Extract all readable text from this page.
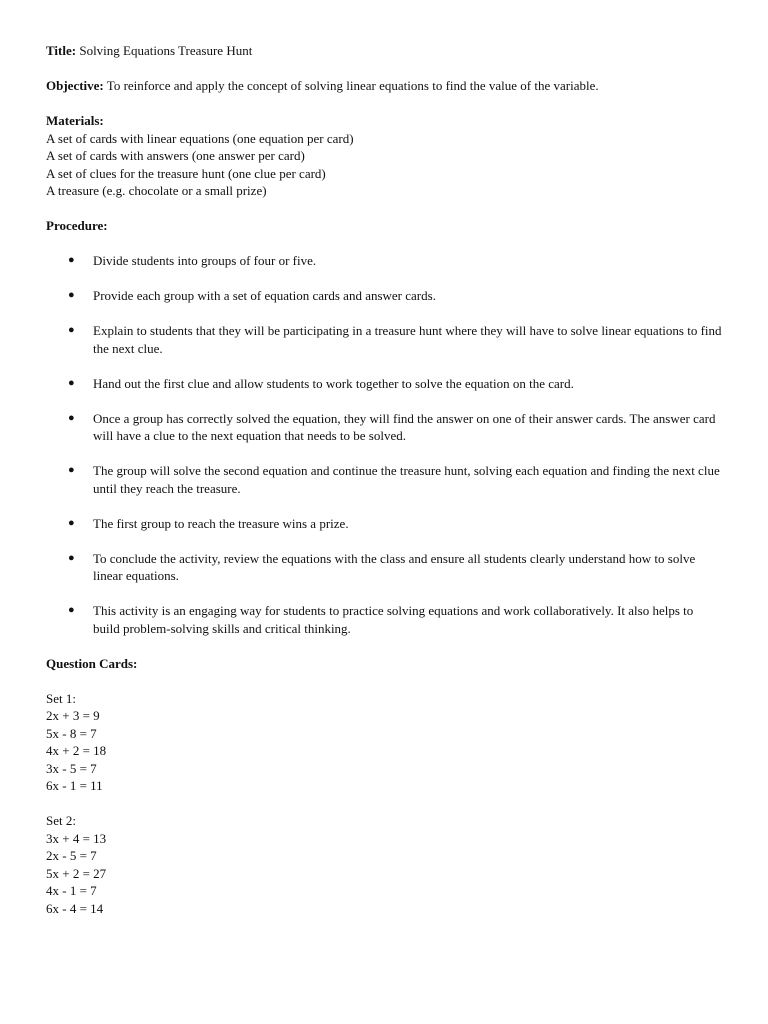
Title: Solving Equations Treasure Hunt

Objective: To reinforce and apply the concept of solving linear equations to find the value of the variable.

Materials:

A set of cards with linear equations (one equation per card)

A set of cards with answers (one answer per card)

A set of clues for the treasure hunt (one clue per card)

A treasure (e.g. chocolate or a small prize)

Procedure:

● Divide students into groups of four or five.
● Provide each group with a set of equation cards and answer cards.
● Explain to students that they will be participating in a treasure hunt where they will have to solve linear equations to find the next clue.
● Hand out the first clue and allow students to work together to solve the equation on the card.
● Once a group has correctly solved the equation, they will find the answer on one of their answer cards. The answer card will have a clue to the next equation that needs to be solved.
● The group will solve the second equation and continue the treasure hunt, solving each equation and finding the next clue until they reach the treasure.
● The first group to reach the treasure wins a prize.
● To conclude the activity, review the equations with the class and ensure all students clearly understand how to solve linear equations.
● This activity is an engaging way for students to practice solving equations and work collaboratively. It also helps to build problem-solving skills and critical thinking.

Question Cards:

Set 1:

2x + 3 = 9

5x - 8 = 7

4x + 2 = 18

3x - 5 = 7

6x - 1 = 11

Set 2:

3x + 4 = 13

2x - 5 = 7

5x + 2 = 27

4x - 1 = 7

6x - 4 = 14
